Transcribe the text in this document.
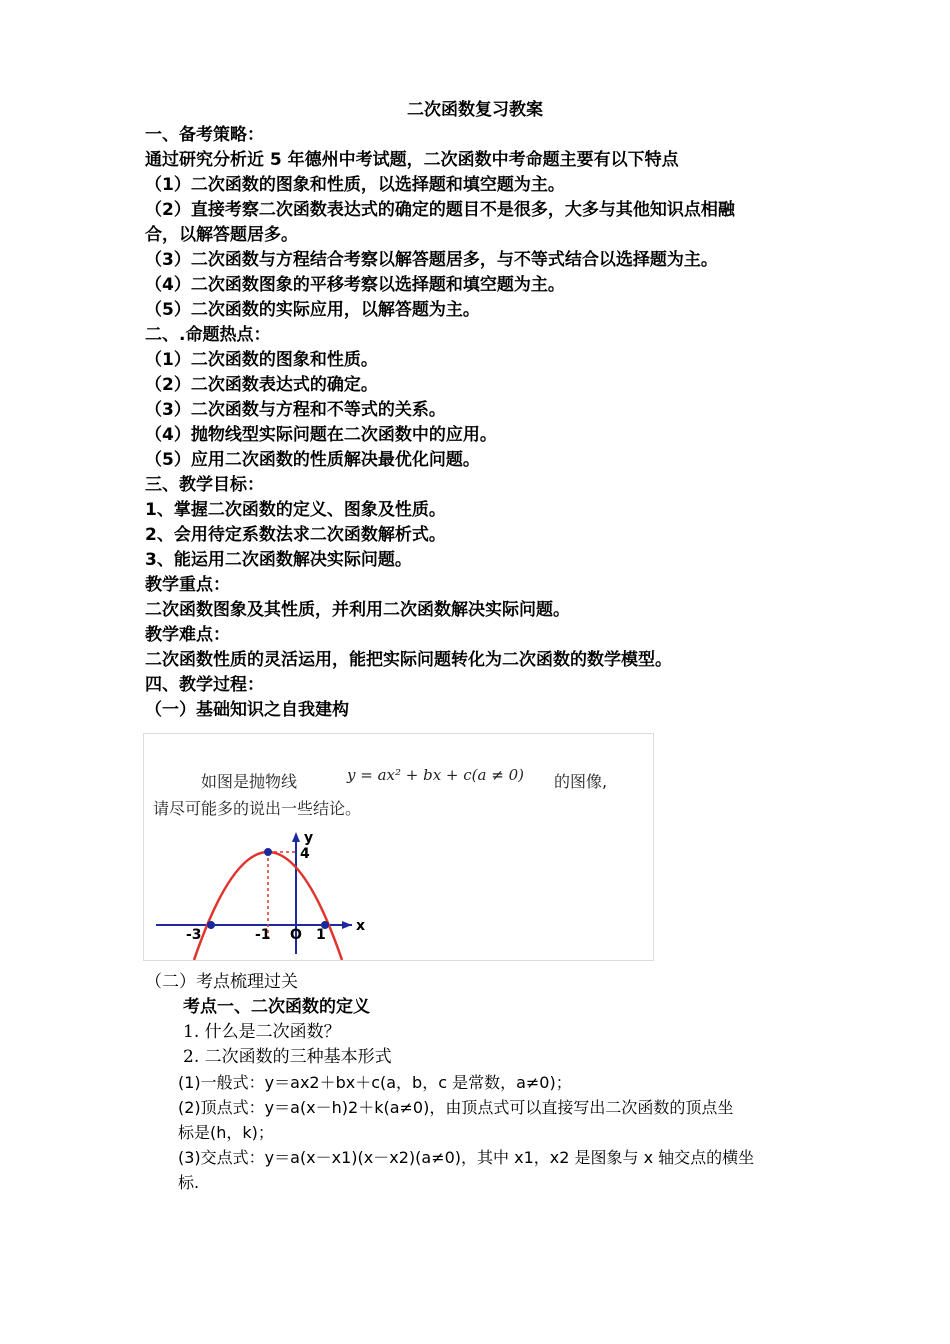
二次函数复习教案
一、备考策略：
通过研究分析近 5 年德州中考试题，二次函数中考命题主要有以下特点
（1）二次函数的图象和性质，以选择题和填空题为主。
（2）直接考察二次函数表达式的确定的题目不是很多，大多与其他知识点相融
合，以解答题居多。
（3）二次函数与方程结合考察以解答题居多，与不等式结合以选择题为主。
（4）二次函数图象的平移考察以选择题和填空题为主。
（5）二次函数的实际应用，以解答题为主。
二、.命题热点：
（1）二次函数的图象和性质。
（2）二次函数表达式的确定。
（3）二次函数与方程和不等式的关系。
（4）抛物线型实际问题在二次函数中的应用。
（5）应用二次函数的性质解决最优化问题。
三、教学目标：
1、掌握二次函数的定义、图象及性质。
2、会用待定系数法求二次函数解析式。
3、能运用二次函数解决实际问题。
教学重点：
二次函数图象及其性质，并利用二次函数解决实际问题。
教学难点：
二次函数性质的灵活运用，能把实际问题转化为二次函数的数学模型。
四、教学过程：
（一）基础知识之自我建构
如图是抛物线	y = ax² + bx + c(a ≠ 0) 的图像,
请尽可能多的说出一些结论。
x
y
-3	-1 O 1
4
（二）考点梳理过关
考点一、二次函数的定义
1. 什么是二次函数？
2. 二次函数的三种基本形式
(1)一般式：y＝ax2＋bx＋c(a，b，c 是常数，a≠0)；
(2)顶点式：y＝a(x－h)2＋k(a≠0)，由顶点式可以直接写出二次函数的顶点坐
标是(h，k)；
(3)交点式：y＝a(x－x1)(x－x2)(a≠0)，其中 x1，x2 是图象与 x 轴交点的横坐
标.
